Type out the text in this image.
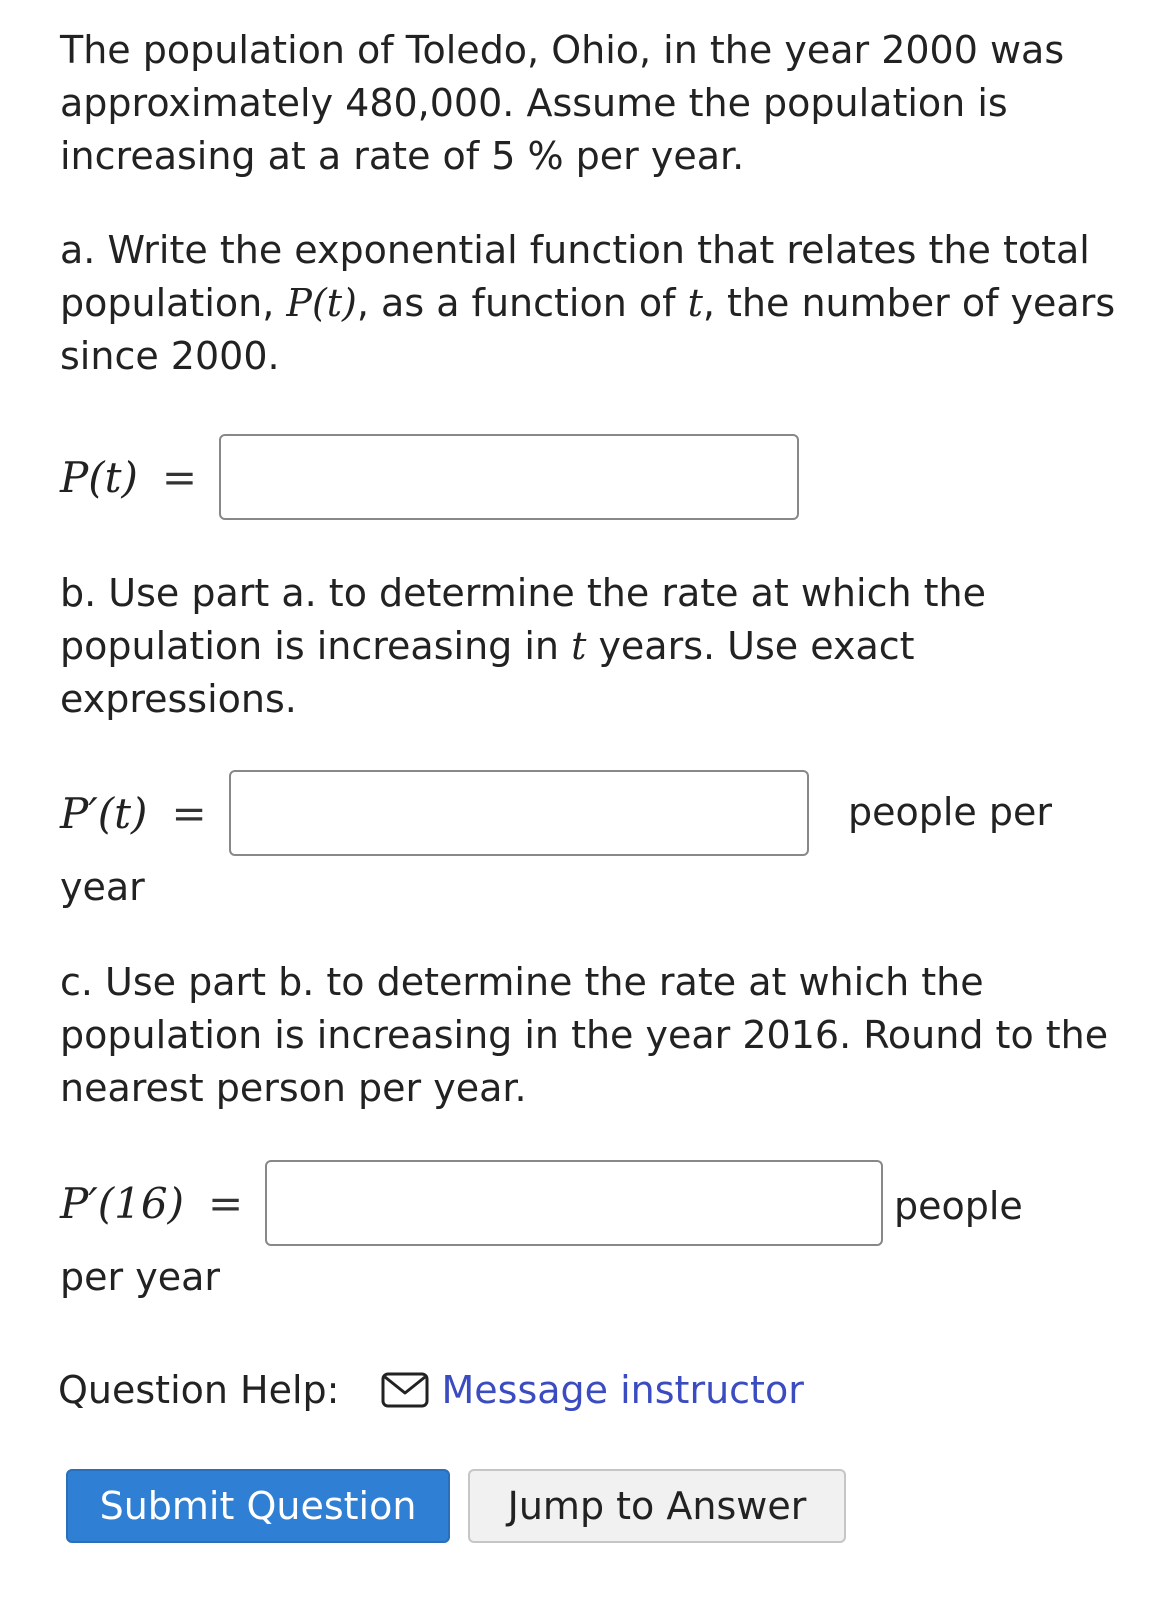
The population of Toledo, Ohio, in the year 2000 was approximately 480,000. Assume the population is increasing at a rate of 5 % per year.

a. Write the exponential function that relates the total population, P(t), as a function of t, the number of years since 2000.

P(t) =

b. Use part a. to determine the rate at which the population is increasing in t years. Use exact expressions.

P′(t) =	people per
year

c. Use part b. to determine the rate at which the population is increasing in the year 2016. Round to the nearest person per year.

P′(16) =	people
per year
Question Help:	Message instructor
Submit Question	Jump to Answer
